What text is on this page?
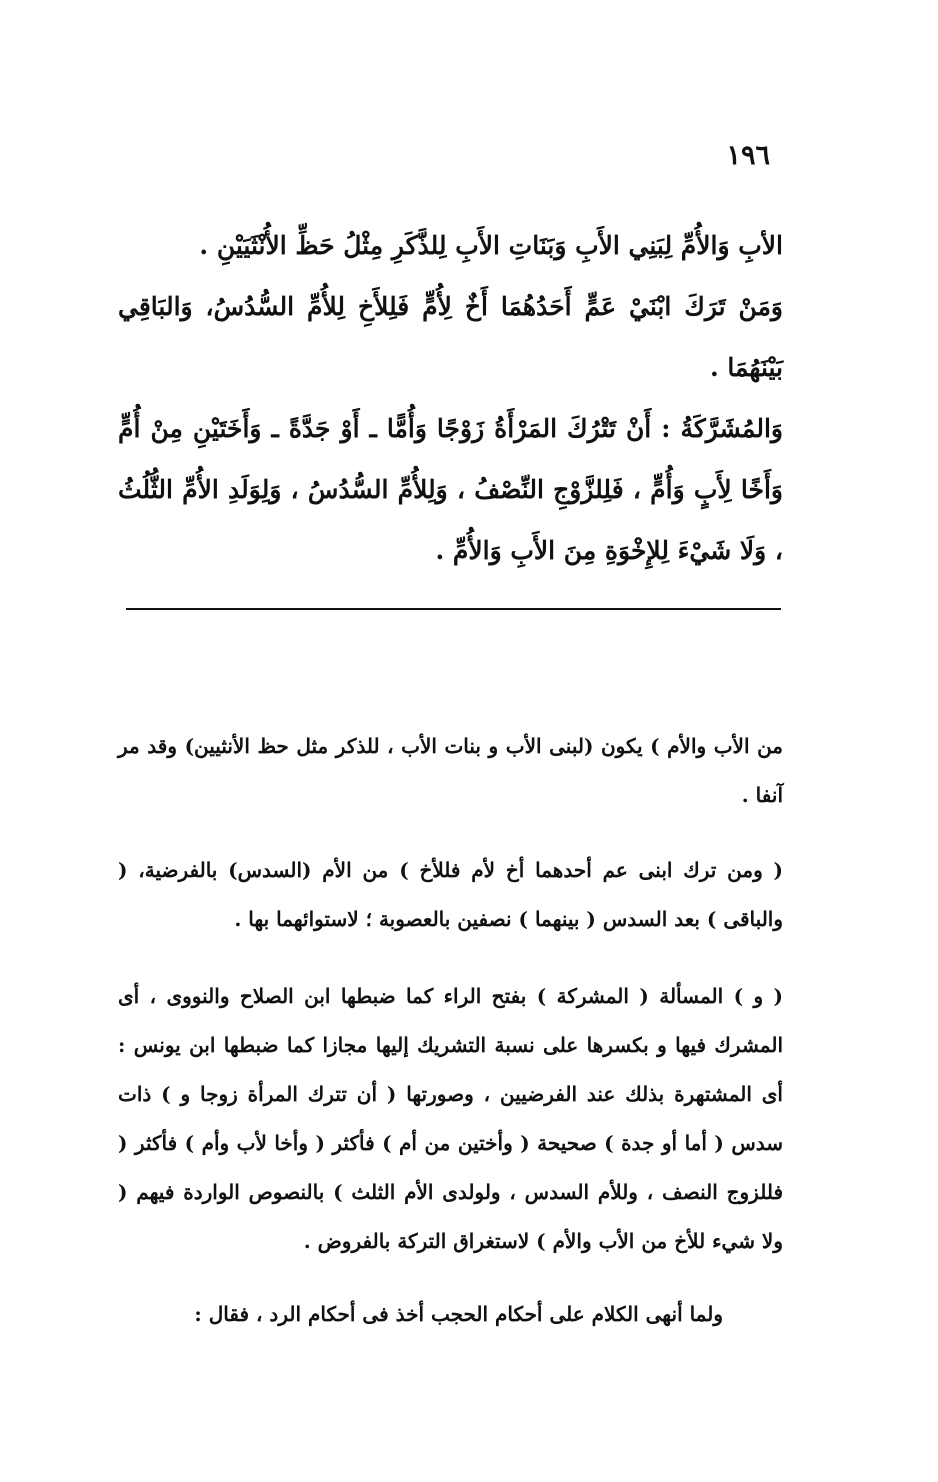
١٩٦

الأبِ وَالأُمِّ لِبَنِي الأَبِ وَبَنَاتِ الأَبِ لِلذَّكَرِ مِثْلُ حَظِّ الأُنْثَيَيْنِ .

وَمَنْ تَرَكَ ابْنَيْ عَمٍّ أَحَدُهُمَا أَخٌ لِأُمٍّ فَلِلأَخِ لِلأُمِّ السُّدُسُ، وَالبَاقِي بَيْنَهُمَا .

وَالمُشَرَّكَةُ : أَنْ تَتْرُكَ المَرْأَةُ زَوْجًا وَأُمًّا ـ أَوْ جَدَّةً ـ وَأَخَتَيْنِ مِنْ أُمٍّ وَأَخًا لِأَبٍ وَأُمٍّ ، فَلِلزَّوْجِ النِّصْفُ ، وَلِلأُمِّ السُّدُسُ ، وَلِوَلَدِ الأُمِّ الثُّلُثُ ، وَلَا شَيْءَ لِلإِخْوَةِ مِنَ الأَبِ وَالأُمِّ .

من الأب والأم ) يكون (لبنى الأب و بنات الأب ، للذكر مثل حظ الأنثيين) وقد مر آنفا .

( ومن ترك ابنى عم أحدهما أخ لأم فللأخ ) من الأم (السدس) بالفرضية، ( والباقى ) بعد السدس ( بينهما ) نصفين بالعصوبة ؛ لاستوائهما بها .

( و ) المسألة ( المشركة ) بفتح الراء كما ضبطها ابن الصلاح والنووى ، أى المشرك فيها و بكسرها على نسبة التشريك إليها مجازا كما ضبطها ابن يونس : أى المشتهرة بذلك عند الفرضيين ، وصورتها ( أن تترك المرأة زوجا و ) ذات سدس ( أما أو جدة ) صحيحة ( وأختين من أم ) فأكثر ( وأخا لأب وأم ) فأكثر ( فللزوج النصف ، وللأم السدس ، ولولدى الأم الثلث ) بالنصوص الواردة فيهم ( ولا شيء للأخ من الأب والأم ) لاستغراق التركة بالفروض .

ولما أنهى الكلام على أحكام الحجب أخذ فى أحكام الرد ، فقال :
